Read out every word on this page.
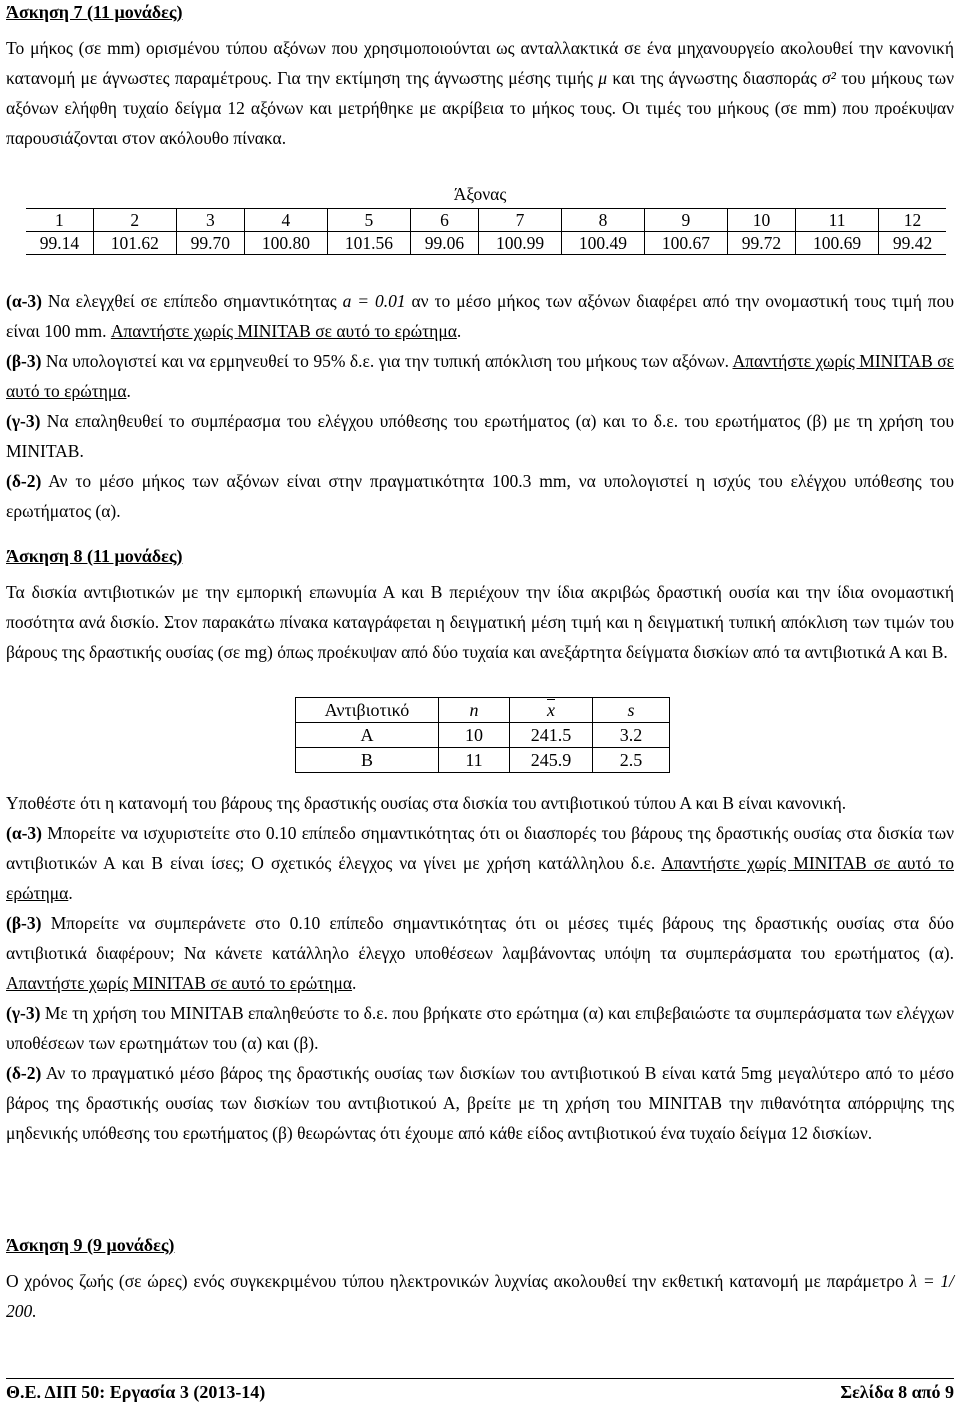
Άσκηση 7 (11 μονάδες)

Το μήκος (σε mm) ορισμένου τύπου αξόνων που χρησιμοποιούνται ως ανταλλακτικά σε ένα μηχανουργείο ακολουθεί την κανονική κατανομή με άγνωστες παραμέτρους. Για την εκτίμηση της άγνωστης μέσης τιμής μ και της άγνωστης διασποράς σ² του μήκους των αξόνων ελήφθη τυχαίο δείγμα 12 αξόνων και μετρήθηκε με ακρίβεια το μήκος τους. Οι τιμές του μήκους (σε mm) που προέκυψαν παρουσιάζονται στον ακόλουθο πίνακα.

Άξονας
1	2	3	4	5	6	7	8	9	10	11	12
99.14	101.62	99.70	100.80	101.56	99.06	100.99	100.49	100.67	99.72	100.69	99.42

(α-3) Να ελεγχθεί σε επίπεδο σημαντικότητας a = 0.01 αν το μέσο μήκος των αξόνων διαφέρει από την ονομαστική τους τιμή που είναι 100 mm. Απαντήστε χωρίς MINITAB σε αυτό το ερώτημα.

(β-3) Να υπολογιστεί και να ερμηνευθεί το 95% δ.ε. για την τυπική απόκλιση του μήκους των αξόνων. Απαντήστε χωρίς MINITAB σε αυτό το ερώτημα.

(γ-3) Να επαληθευθεί το συμπέρασμα του ελέγχου υπόθεσης του ερωτήματος (α) και το δ.ε. του ερωτήματος (β) με τη χρήση του MINITAB.

(δ-2) Αν το μέσο μήκος των αξόνων είναι στην πραγματικότητα 100.3 mm, να υπολογιστεί η ισχύς του ελέγχου υπόθεσης του ερωτήματος (α).

Άσκηση 8 (11 μονάδες)

Τα δισκία αντιβιοτικών με την εμπορική επωνυμία Α και Β περιέχουν την ίδια ακριβώς δραστική ουσία και την ίδια ονομαστική ποσότητα ανά δισκίο. Στον παρακάτω πίνακα καταγράφεται η δειγματική μέση τιμή και η δειγματική τυπική απόκλιση των τιμών του βάρους της δραστικής ουσίας (σε mg) όπως προέκυψαν από δύο τυχαία και ανεξάρτητα δείγματα δισκίων από τα αντιβιοτικά Α και Β.

Αντιβιοτικό	n	$\overline{x}$	s
A	10	241.5	3.2
B	11	245.9	2.5

Υποθέστε ότι η κατανομή του βάρους της δραστικής ουσίας στα δισκία του αντιβιοτικού τύπου Α και Β είναι κανονική.

(α-3) Μπορείτε να ισχυριστείτε στο 0.10 επίπεδο σημαντικότητας ότι οι διασπορές του βάρους της δραστικής ουσίας στα δισκία των αντιβιοτικών Α και Β είναι ίσες; Ο σχετικός έλεγχος να γίνει με χρήση κατάλληλου δ.ε. Απαντήστε χωρίς MINITAB σε αυτό το ερώτημα.

(β-3) Μπορείτε να συμπεράνετε στο 0.10 επίπεδο σημαντικότητας ότι οι μέσες τιμές βάρους της δραστικής ουσίας στα δύο αντιβιοτικά διαφέρουν; Να κάνετε κατάλληλο έλεγχο υποθέσεων λαμβάνοντας υπόψη τα συμπεράσματα του ερωτήματος (α). Απαντήστε χωρίς MINITAB σε αυτό το ερώτημα.

(γ-3) Με τη χρήση του MINITAB επαληθεύστε το δ.ε. που βρήκατε στο ερώτημα (α) και επιβεβαιώστε τα συμπεράσματα των ελέγχων υποθέσεων των ερωτημάτων του (α) και (β).

(δ-2) Αν το πραγματικό μέσο βάρος της δραστικής ουσίας των δισκίων του αντιβιοτικού Β είναι κατά 5mg μεγαλύτερο από το μέσο βάρος της δραστικής ουσίας των δισκίων του αντιβιοτικού Α, βρείτε με τη χρήση του MINITAB την πιθανότητα απόρριψης της μηδενικής υπόθεσης του ερωτήματος (β) θεωρώντας ότι έχουμε από κάθε είδος αντιβιοτικού ένα τυχαίο δείγμα 12 δισκίων.

Άσκηση 9 (9 μονάδες)

Ο χρόνος ζωής (σε ώρες) ενός συγκεκριμένου τύπου ηλεκτρονικών λυχνίας ακολουθεί την εκθετική κατανομή με παράμετρο λ = 1/ 200.

Θ.Ε. ΔΙΠ 50: Εργασία 3 (2013-14)	Σελίδα 8 από 9
